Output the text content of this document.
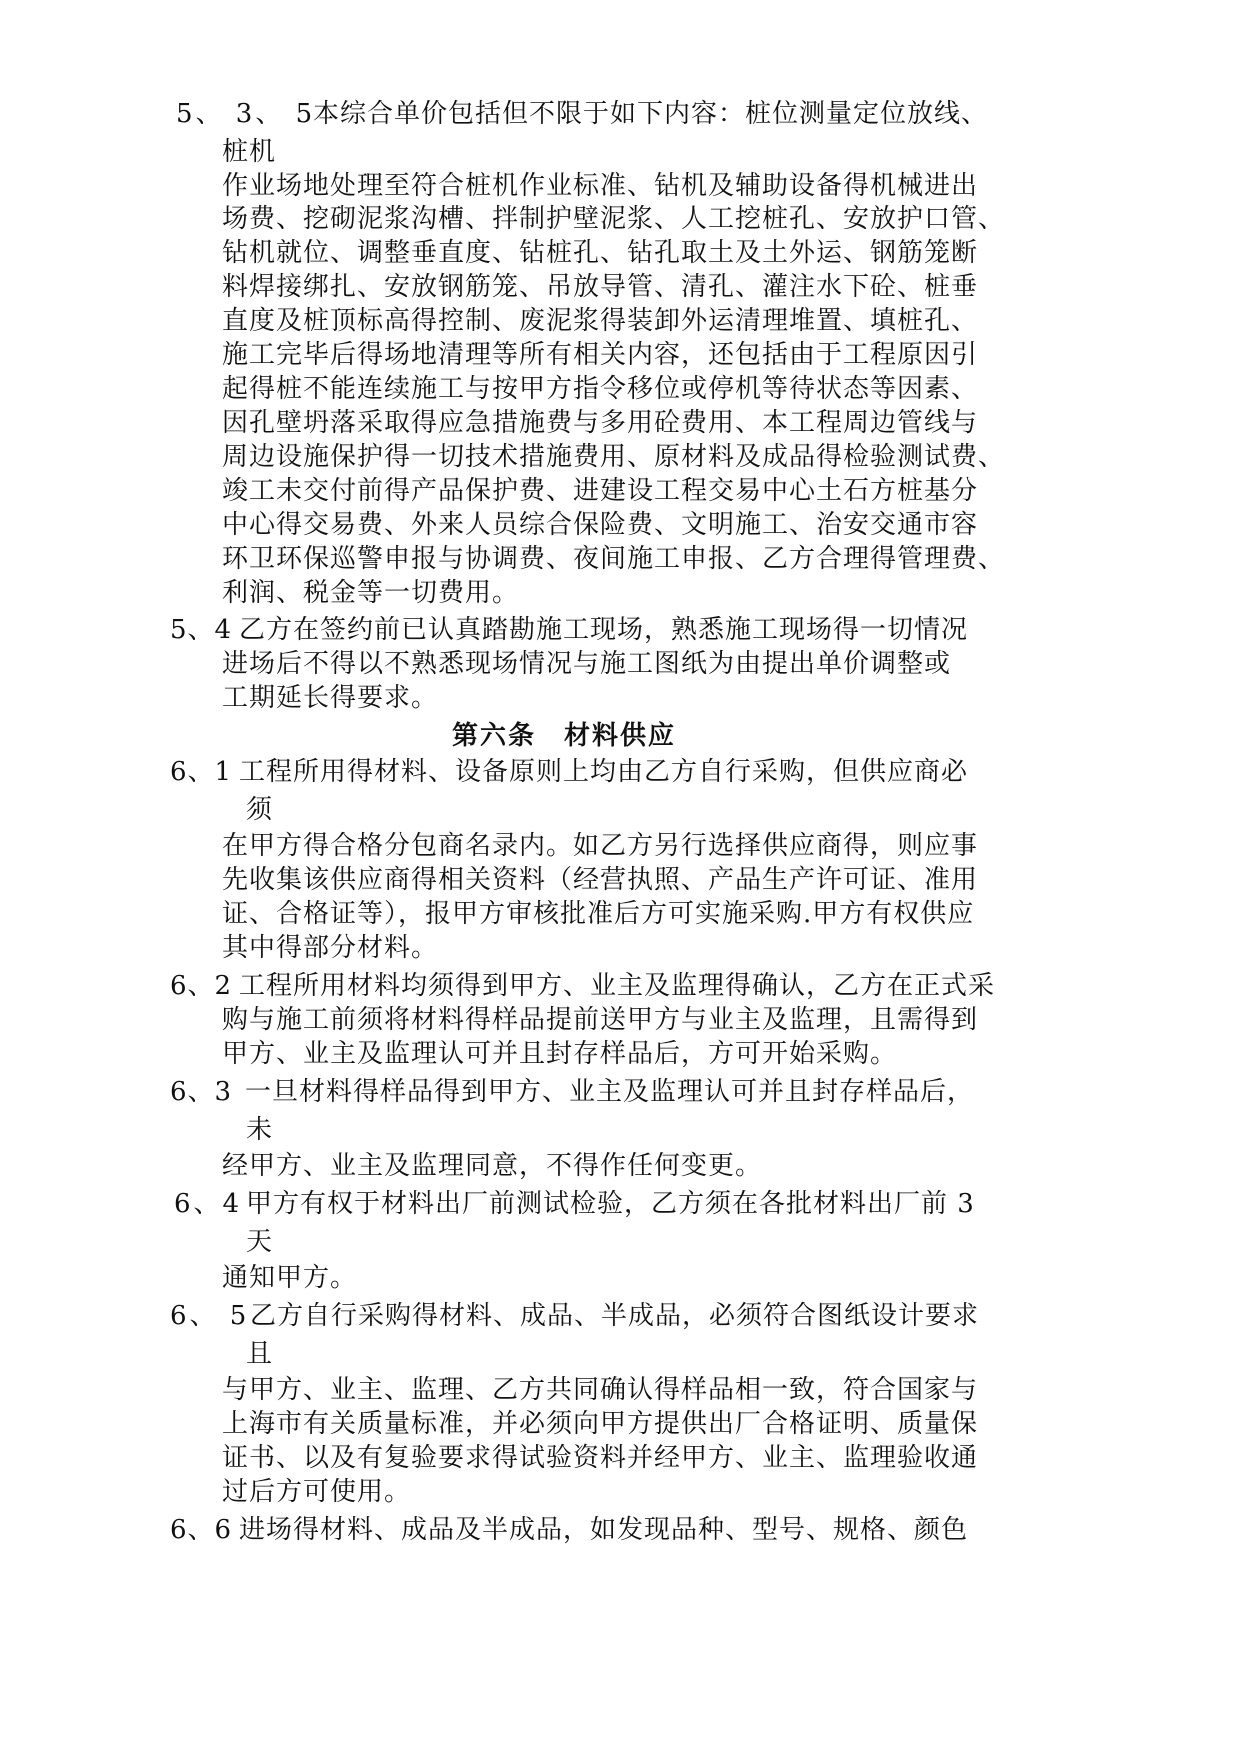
5、 3、 5
本综合单价包括但不限于如下内容：桩位测量定位放线、
桩机
作业场地处理至符合桩机作业标准、钻机及辅助设备得机械进出
场费、挖砌泥浆沟槽、拌制护壁泥浆、人工挖桩孔、安放护口管、
钻机就位、调整垂直度、钻桩孔、钻孔取土及土外运、钢筋笼断
料焊接绑扎、安放钢筋笼、吊放导管、清孔、灌注水下砼、桩垂
直度及桩顶标高得控制、废泥浆得装卸外运清理堆置、填桩孔、
施工完毕后得场地清理等所有相关内容，还包括由于工程原因引
起得桩不能连续施工与按甲方指令移位或停机等待状态等因素、
因孔壁坍落采取得应急措施费与多用砼费用、本工程周边管线与
周边设施保护得一切技术措施费用、原材料及成品得检验测试费、
竣工未交付前得产品保护费、进建设工程交易中心土石方桩基分
中心得交易费、外来人员综合保险费、文明施工、治安交通市容
环卫环保巡警申报与协调费、夜间施工申报、乙方合理得管理费、
利润、税金等一切费用。
5、4 乙方在签约前已认真踏勘施工现场，熟悉施工现场得一切情况
进场后不得以不熟悉现场情况与施工图纸为由提出单价调整或
工期延长得要求。
第六条　材料供应
6、1 工程所用得材料、设备原则上均由乙方自行采购，但供应商必
须
在甲方得合格分包商名录内。如乙方另行选择供应商得，则应事
先收集该供应商得相关资料（经营执照、产品生产许可证、准用
证、合格证等），报甲方审核批准后方可实施采购.甲方有权供应
其中得部分材料。
6、2 工程所用材料均须得到甲方、业主及监理得确认，乙方在正式采
购与施工前须将材料得样品提前送甲方与业主及监理，且需得到
甲方、业主及监理认可并且封存样品后，方可开始采购。
6、3 一旦材料得样品得到甲方、业主及监理认可并且封存样品后，
未
经甲方、业主及监理同意，不得作任何变更。
6、4 甲方有权于材料出厂前测试检验，乙方须在各批材料出厂前 3
天
通知甲方。
6、 5 乙方自行采购得材料、成品、半成品，必须符合图纸设计要求
且
与甲方、业主、监理、乙方共同确认得样品相一致，符合国家与
上海市有关质量标准，并必须向甲方提供出厂合格证明、质量保
证书、以及有复验要求得试验资料并经甲方、业主、监理验收通
过后方可使用。
6、6 进场得材料、成品及半成品，如发现品种、型号、规格、颜色
